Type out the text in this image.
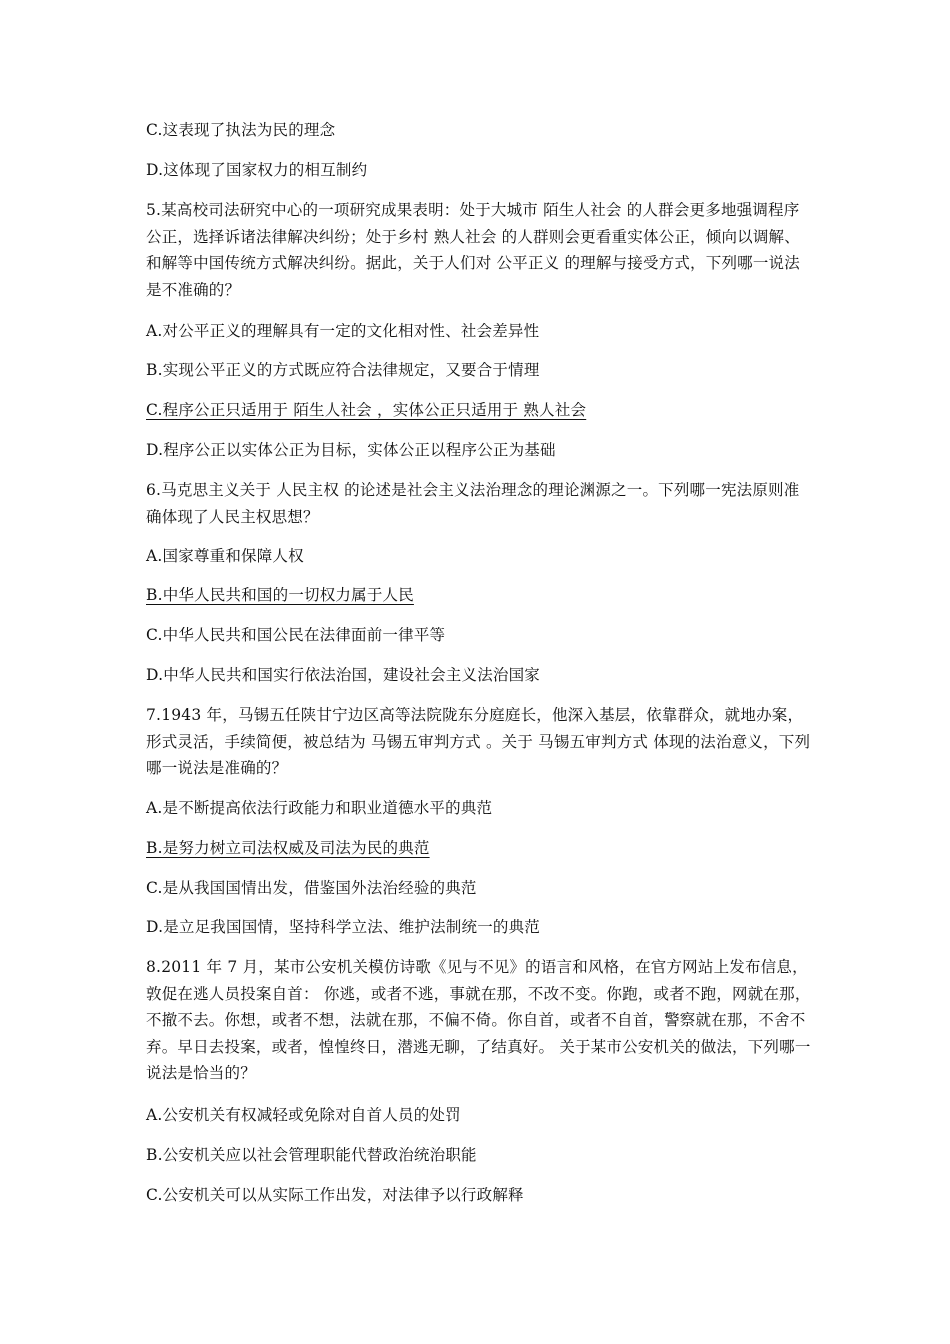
C.这表现了执法为民的理念

D.这体现了国家权力的相互制约

5.某高校司法研究中心的一项研究成果表明：处于大城市 陌生人社会 的人群会更多地强调程序公正，选择诉诸法律解决纠纷；处于乡村 熟人社会 的人群则会更看重实体公正，倾向以调解、和解等中国传统方式解决纠纷。据此，关于人们对 公平正义 的理解与接受方式，下列哪一说法是不准确的？

A.对公平正义的理解具有一定的文化相对性、社会差异性

B.实现公平正义的方式既应符合法律规定，又要合于情理

C.程序公正只适用于 陌生人社会 ，实体公正只适用于 熟人社会

D.程序公正以实体公正为目标，实体公正以程序公正为基础

6.马克思主义关于 人民主权 的论述是社会主义法治理念的理论渊源之一。下列哪一宪法原则准确体现了人民主权思想？

A.国家尊重和保障人权

B.中华人民共和国的一切权力属于人民

C.中华人民共和国公民在法律面前一律平等

D.中华人民共和国实行依法治国，建设社会主义法治国家

7.1943 年，马锡五任陕甘宁边区高等法院陇东分庭庭长，他深入基层，依靠群众，就地办案，形式灵活，手续简便，被总结为 马锡五审判方式 。关于 马锡五审判方式 体现的法治意义，下列哪一说法是准确的？

A.是不断提高依法行政能力和职业道德水平的典范

B.是努力树立司法权威及司法为民的典范

C.是从我国国情出发，借鉴国外法治经验的典范

D.是立足我国国情，坚持科学立法、维护法制统一的典范

8.2011 年 7 月，某市公安机关模仿诗歌《见与不见》的语言和风格，在官方网站上发布信息，敦促在逃人员投案自首： 你逃，或者不逃，事就在那，不改不变。你跑，或者不跑，网就在那，不撤不去。你想，或者不想，法就在那，不偏不倚。你自首，或者不自首，警察就在那，不舍不弃。早日去投案，或者，惶惶终日，潜逃无聊，了结真好。 关于某市公安机关的做法，下列哪一说法是恰当的？

A.公安机关有权减轻或免除对自首人员的处罚

B.公安机关应以社会管理职能代替政治统治职能

C.公安机关可以从实际工作出发，对法律予以行政解释
